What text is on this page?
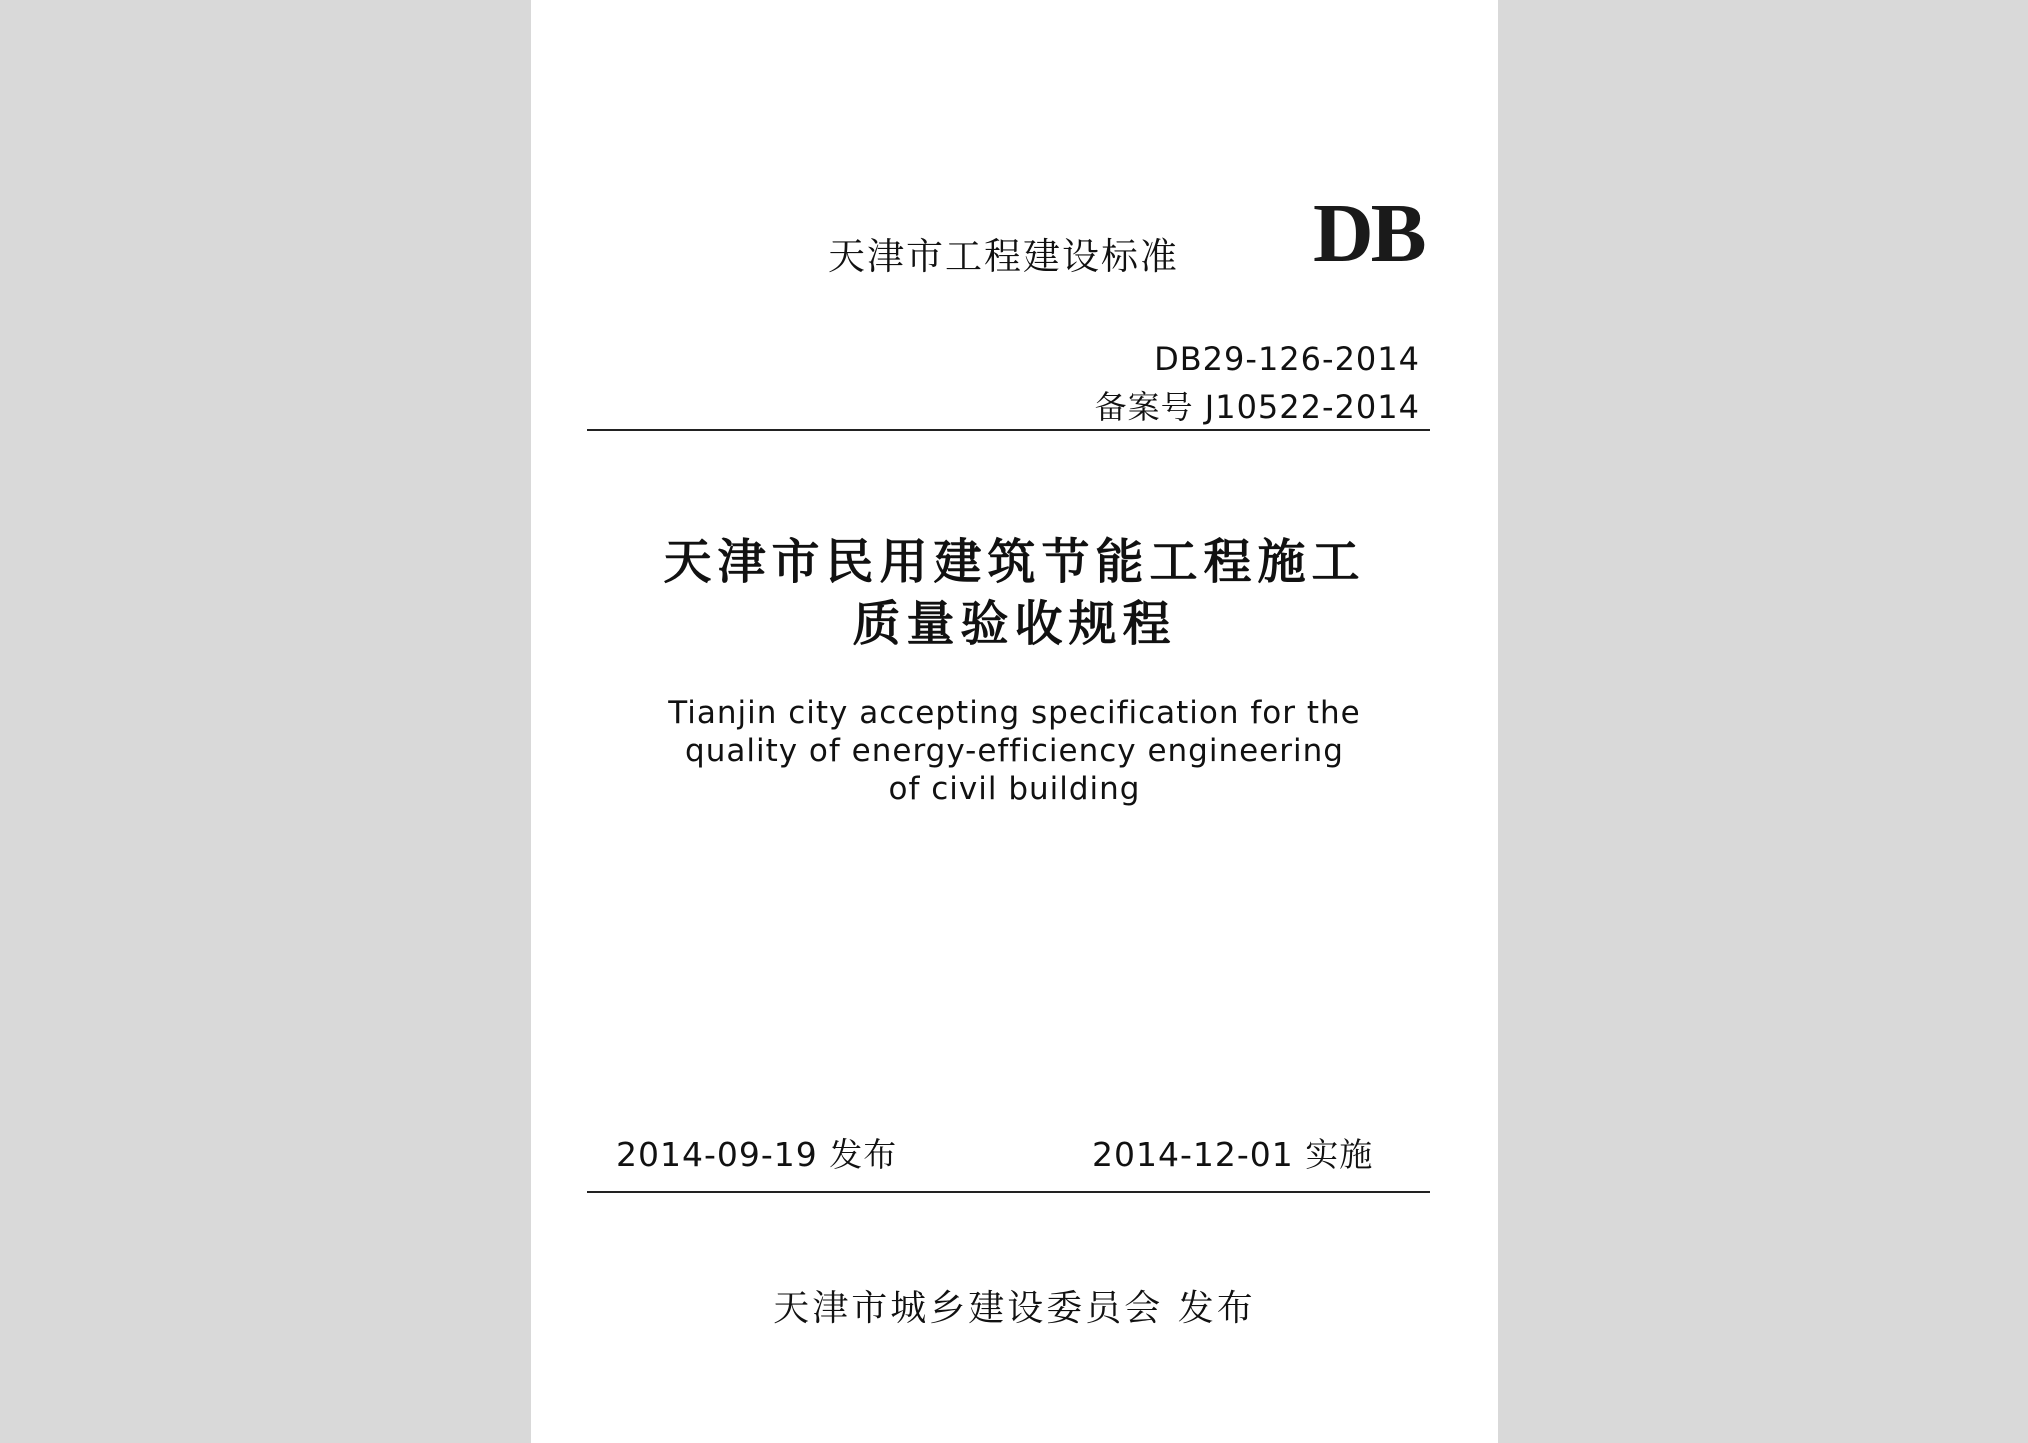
天津市工程建设标准 DB
DB29-126-2014
备案号 J10522-2014
天津市民用建筑节能工程施工
质量验收规程
Tianjin city accepting specification for the
quality of energy-efficiency engineering
of civil building
2014-09-19 发布	2014-12-01 实施
天津市城乡建设委员会 发布
